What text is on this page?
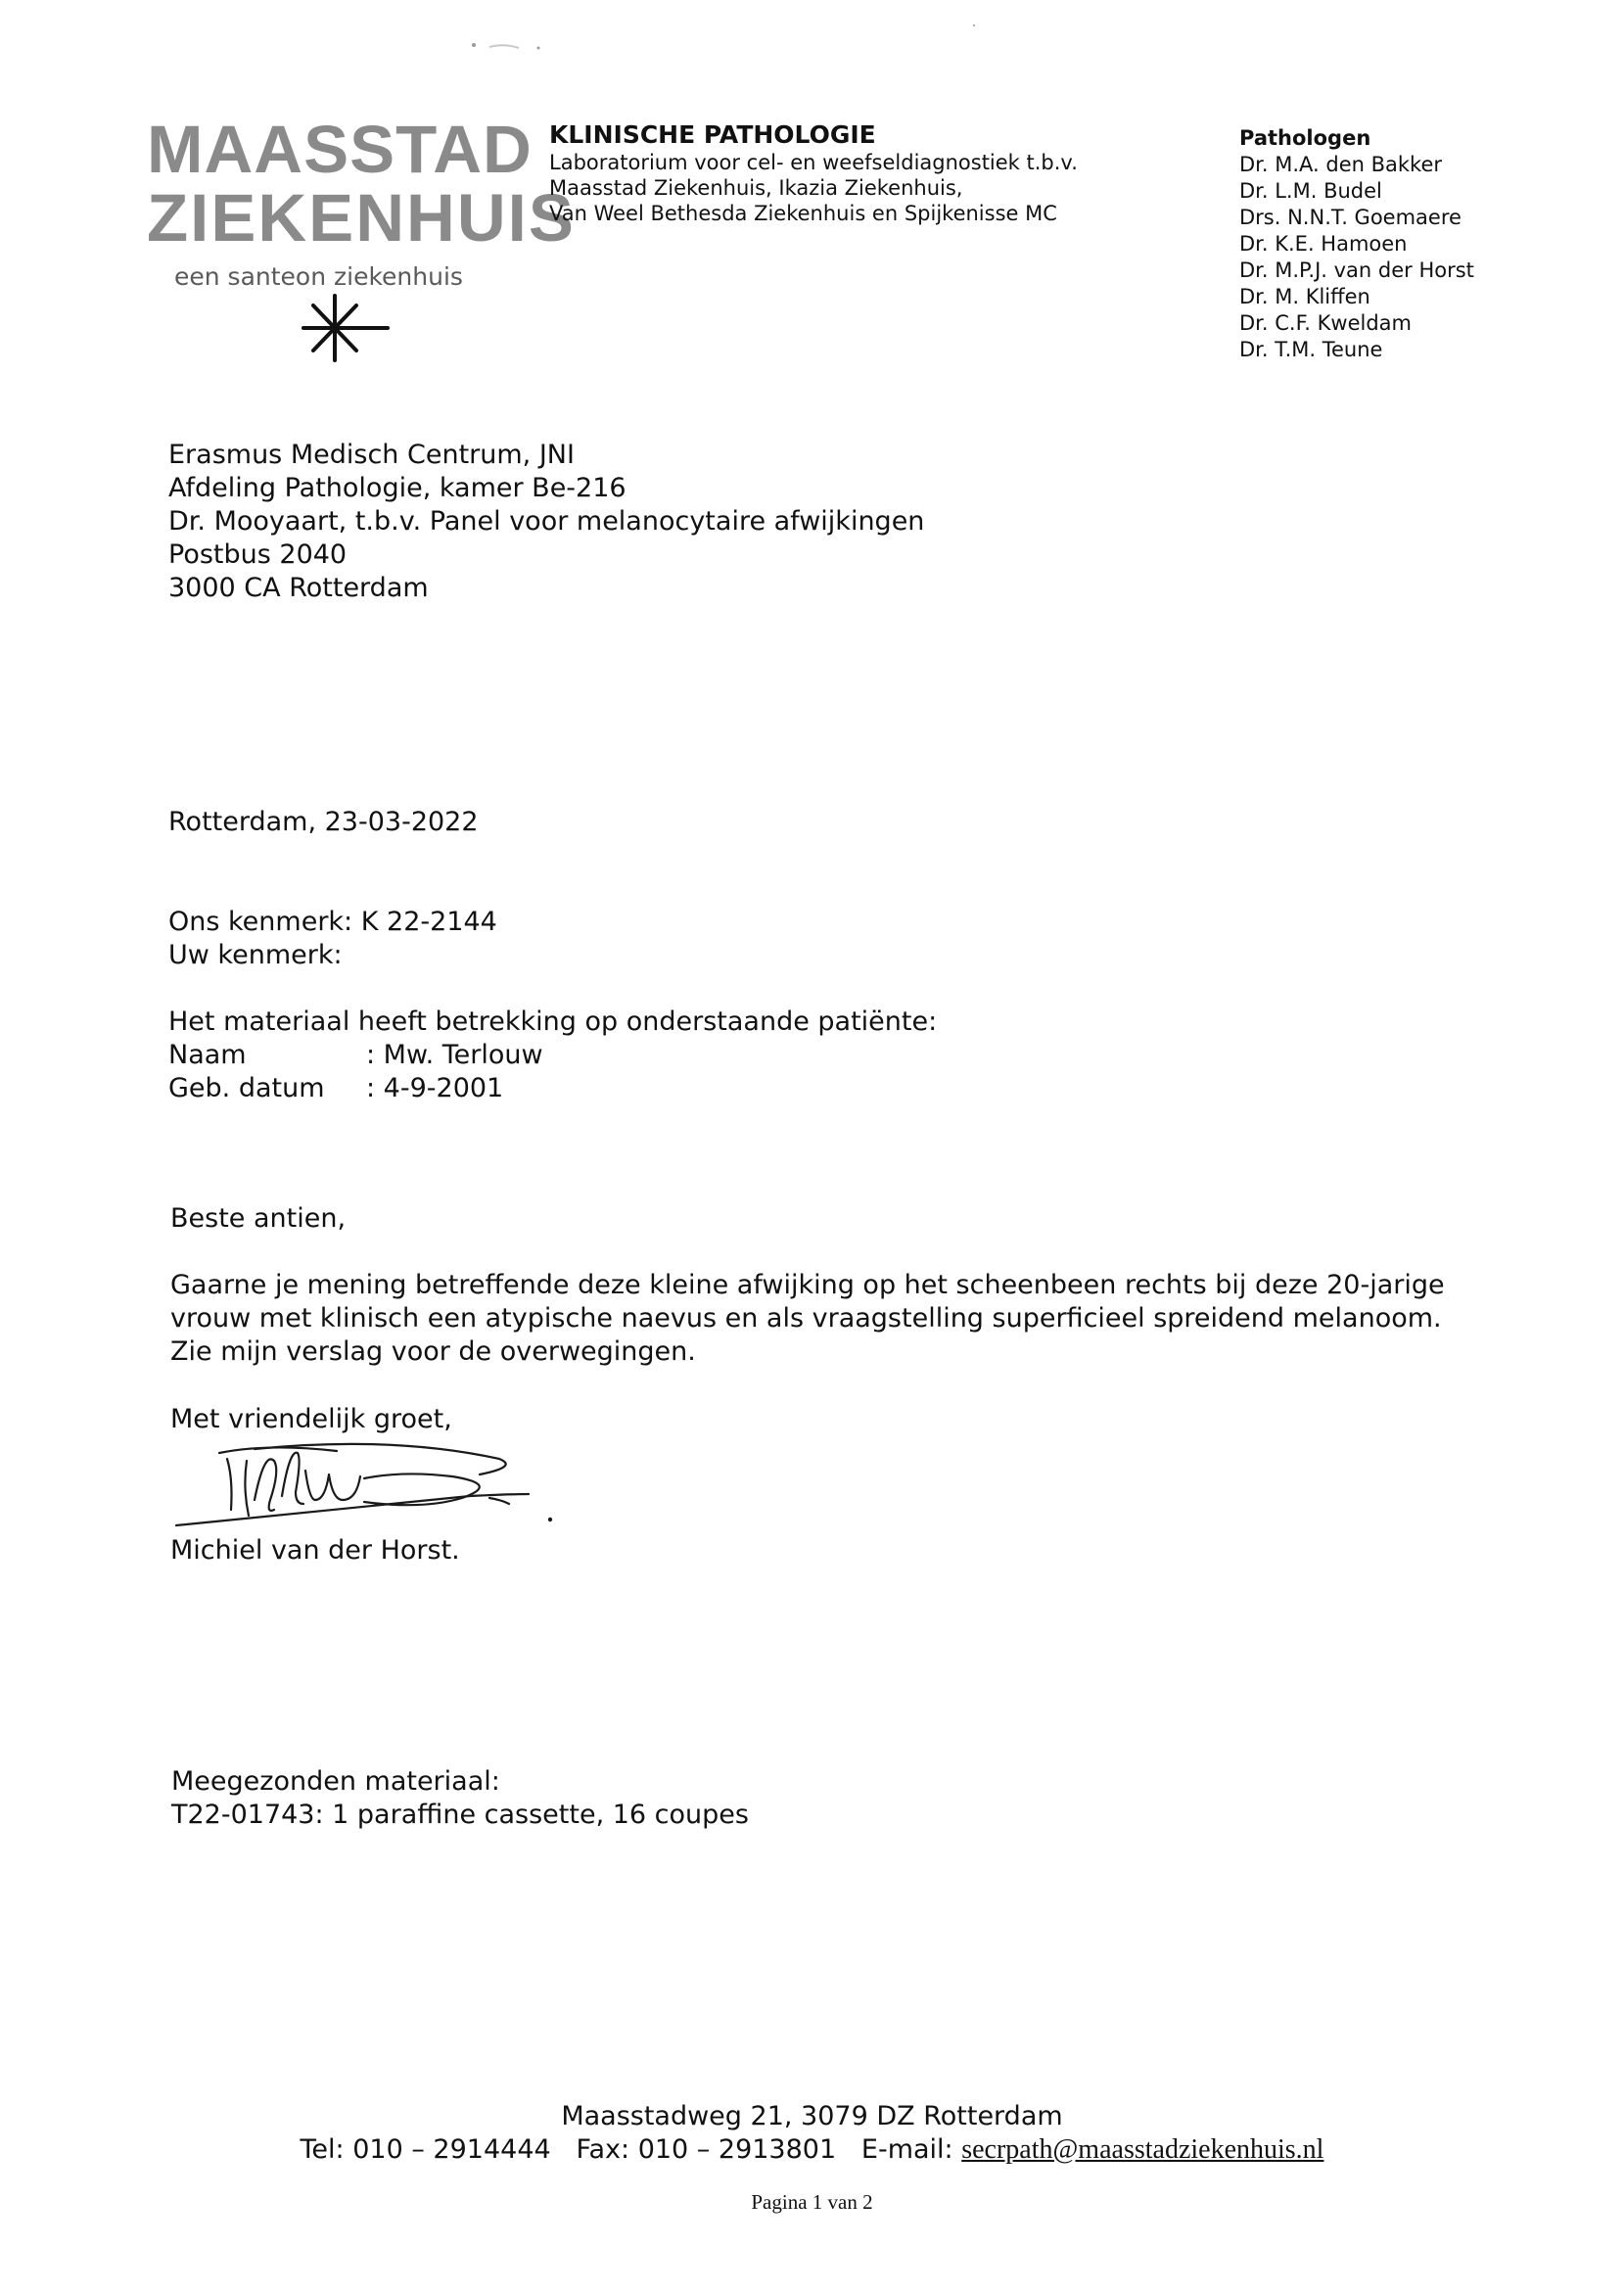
MAASSTAD
ZIEKENHUIS
een santeon ziekenhuis
KLINISCHE PATHOLOGIE
Laboratorium voor cel- en weefseldiagnostiek t.b.v.
Maasstad Ziekenhuis, Ikazia Ziekenhuis,
Van Weel Bethesda Ziekenhuis en Spijkenisse MC
Pathologen
Dr. M.A. den Bakker
Dr. L.M. Budel
Drs. N.N.T. Goemaere
Dr. K.E. Hamoen
Dr. M.P.J. van der Horst
Dr. M. Kliffen
Dr. C.F. Kweldam
Dr. T.M. Teune
Erasmus Medisch Centrum, JNI
Afdeling Pathologie, kamer Be-216
Dr. Mooyaart, t.b.v. Panel voor melanocytaire afwijkingen
Postbus 2040
3000 CA Rotterdam

Rotterdam, 23-03-2022

Ons kenmerk: K 22-2144
Uw kenmerk:
Het materiaal heeft betrekking op onderstaande patiënte:
Naam	: Mw. Terlouw
Geb. datum : 4-9-2001

Beste antien,

Gaarne je mening betreffende deze kleine afwijking op het scheenbeen rechts bij deze 20-jarige
vrouw met klinisch een atypische naevus en als vraagstelling superficieel spreidend melanoom.
Zie mijn verslag voor de overwegingen.

Met vriendelijk groet,

Michiel van der Horst.

Meegezonden materiaal:
T22-01743: 1 paraffine cassette, 16 coupes

Maasstadweg 21, 3079 DZ Rotterdam

Tel: 010 – 2914444 Fax: 010 – 2913801 E-mail: secrpath@maasstadziekenhuis.nl

Pagina 1 van 2
